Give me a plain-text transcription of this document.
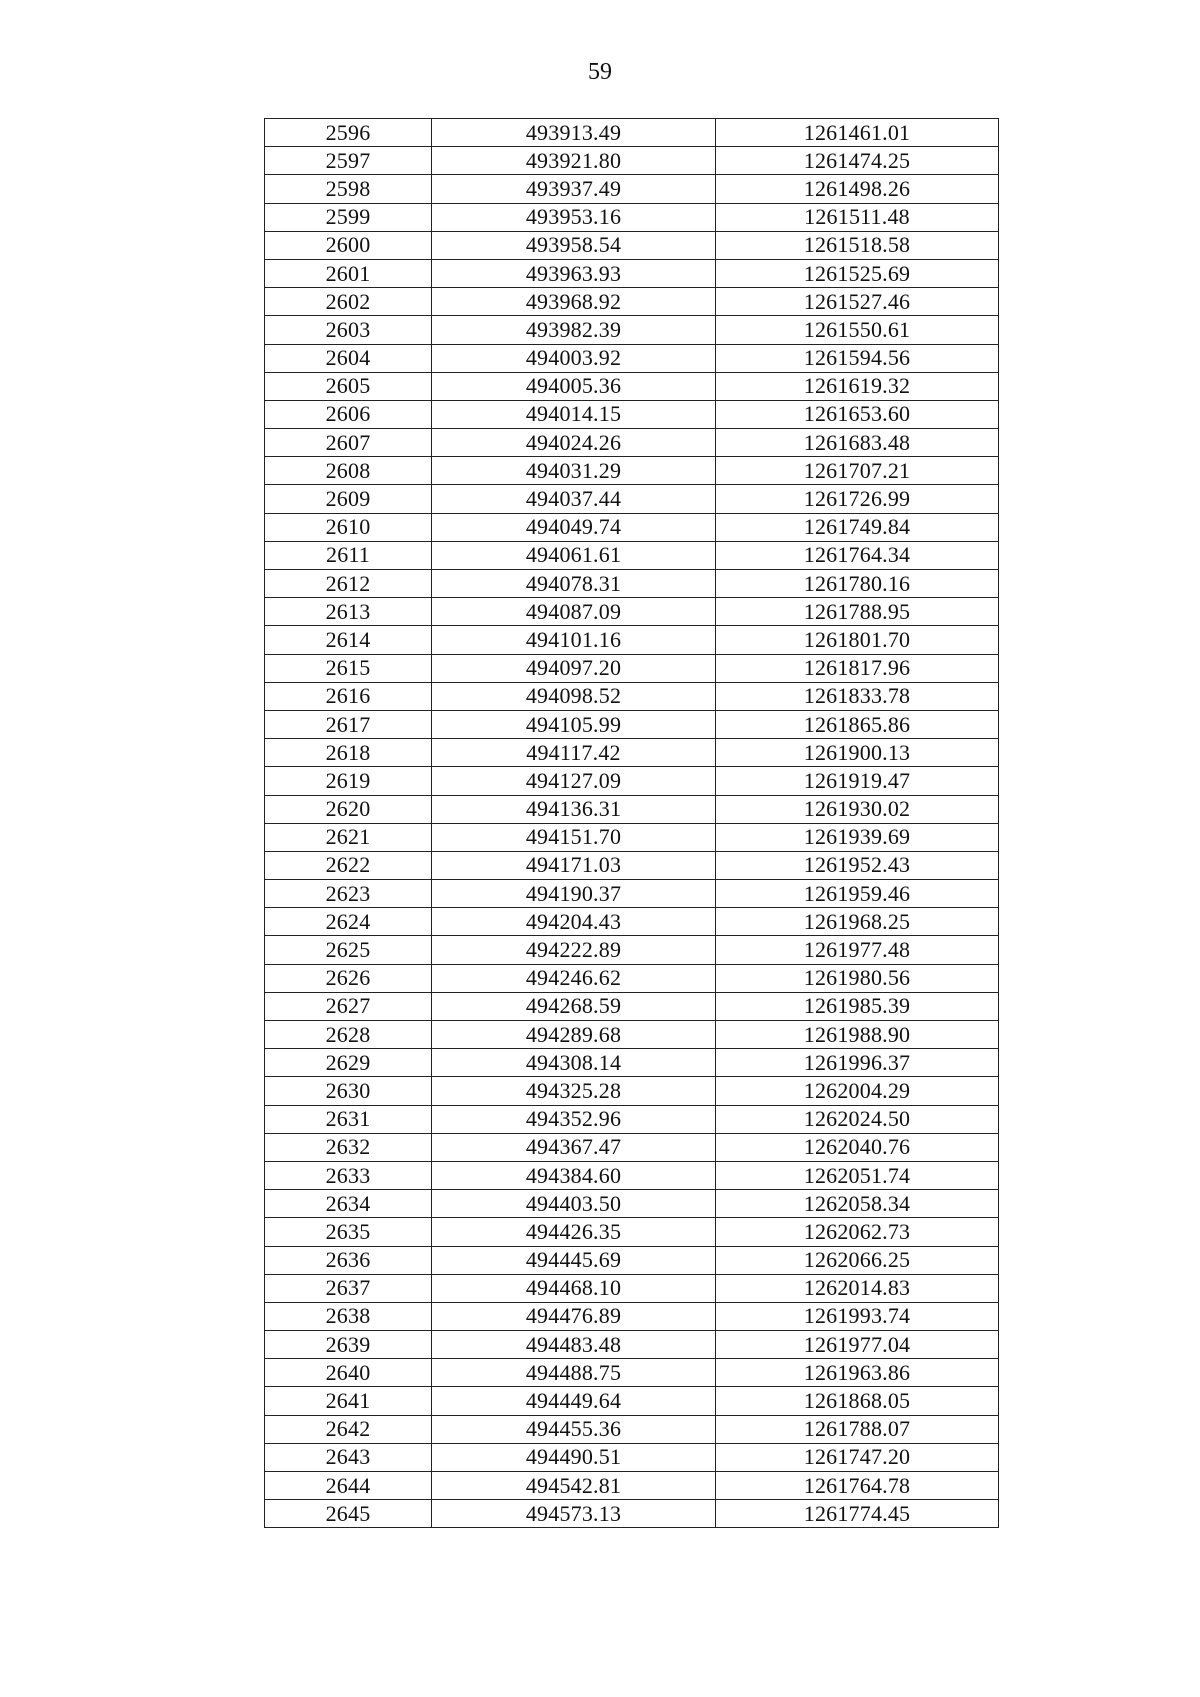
59
2596	493913.49	1261461.01
2597	493921.80	1261474.25
2598	493937.49	1261498.26
2599	493953.16	1261511.48
2600	493958.54	1261518.58
2601	493963.93	1261525.69
2602	493968.92	1261527.46
2603	493982.39	1261550.61
2604	494003.92	1261594.56
2605	494005.36	1261619.32
2606	494014.15	1261653.60
2607	494024.26	1261683.48
2608	494031.29	1261707.21
2609	494037.44	1261726.99
2610	494049.74	1261749.84
2611	494061.61	1261764.34
2612	494078.31	1261780.16
2613	494087.09	1261788.95
2614	494101.16	1261801.70
2615	494097.20	1261817.96
2616	494098.52	1261833.78
2617	494105.99	1261865.86
2618	494117.42	1261900.13
2619	494127.09	1261919.47
2620	494136.31	1261930.02
2621	494151.70	1261939.69
2622	494171.03	1261952.43
2623	494190.37	1261959.46
2624	494204.43	1261968.25
2625	494222.89	1261977.48
2626	494246.62	1261980.56
2627	494268.59	1261985.39
2628	494289.68	1261988.90
2629	494308.14	1261996.37
2630	494325.28	1262004.29
2631	494352.96	1262024.50
2632	494367.47	1262040.76
2633	494384.60	1262051.74
2634	494403.50	1262058.34
2635	494426.35	1262062.73
2636	494445.69	1262066.25
2637	494468.10	1262014.83
2638	494476.89	1261993.74
2639	494483.48	1261977.04
2640	494488.75	1261963.86
2641	494449.64	1261868.05
2642	494455.36	1261788.07
2643	494490.51	1261747.20
2644	494542.81	1261764.78
2645	494573.13	1261774.45
